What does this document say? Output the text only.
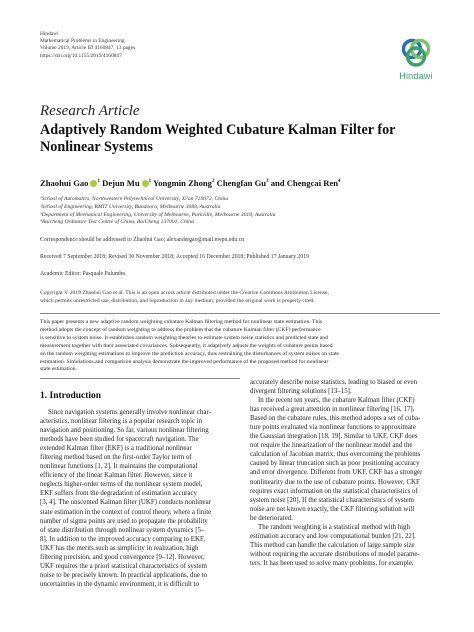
Hindawi
Mathematical Problems in Engineering
Volume 2019, Article ID 4160847, 13 pages
https://doi.org/10.1155/2019/4160847
Hindawi
Research Article
Adaptively Random Weighted Cubature Kalman Filter for
Nonlinear Systems
Zhaohui Gao $^1$ Dejun Mu $^1$ Yongmin Zhong$^2$ Chengfan Gu$^3$ and Chengcai Ren$^4$
¹School of Automatics, Northwestern Polytechnical University, Xi'an 710072, China
²School of Engineering, RMIT University, Bundoora, Melbourne 3083, Australia
³Department of Mechanical Engineering, University of Melbourne, Parkville, Melbourne 3010, Australia
⁴Baicheng Ordnance Test Centre of China, BaiCheng 137001, China
Correspondence should be addressed to Zhaohui Gao; alexandergao@mail.nwpu.edu.cn
Received 7 September 2018; Revised 30 November 2018; Accepted 16 December 2018; Published 17 January 2019
Academic Editor: Pasquale Palumbo
Copyright © 2019 Zhaohui Gao et al. This is an open access article distributed under the Creative Commons Attribution License,
which permits unrestricted use, distribution, and reproduction in any medium, provided the original work is properly cited.
This paper presents a new adaptive random weighting cubature Kalman filtering method for nonlinear state estimation. This
method adopts the concept of random weighting to address the problem that the cubature Kalman filter (CKF) performance
is sensitive to system noise. It establishes random weighting theories to estimate system noise statistics and predicted state and
measurement together with their associated covariances. Subsequently, it adaptively adjusts the weights of cubature points based
on the random weighting estimations to improve the prediction accuracy, thus restraining the disturbances of system noises on state
estimation. Simulations and comparison analysis demonstrate the improved performance of the proposed method for nonlinear
state estimation.
1. Introduction
Since navigation systems generally involve nonlinear char-
acteristics, nonlinear filtering is a popular research topic in
navigation and positioning. So far, various nonlinear filtering
methods have been studied for spacecraft navigation. The
extended Kalman filter (EKF) is a traditional nonlinear
filtering method based on the first-order Taylor term of
nonlinear functions [1, 2]. It maintains the computational
efficiency of the linear Kalman filter. However, since it
neglects higher-order terms of the nonlinear system model,
EKF suffers from the degradation of estimation accuracy
[3, 4]. The unscented Kalman filter (UKF) conducts nonlinear
state estimation in the context of control theory, where a finite
number of sigma points are used to propagate the probability
of state distribution through nonlinear system dynamics [5–
8]. In addition to the improved accuracy comparing to EKF,
UKF has the merits such as simplicity in realization, high
filtering precision, and good convergence [9–12]. However,
UKF requires the a priori statistical characteristics of system
noise to be precisely known. In practical applications, due to
uncertainties in the dynamic environment, it is difficult to
accurately describe noise statistics, leading to biased or even
divergent filtering solutions [13–15].
In the recent ten years, the cubature Kalman filter (CKF)
has received a great attention in nonlinear filtering [16, 17].
Based on the cubature rules, this method adopts a set of cuba-
ture points evaluated via nonlinear functions to approximate
the Gaussian integration [18, 19]. Similar to UKF, CKF does
not require the linearization of the nonlinear model and the
calculation of Jacobian matrix, thus overcoming the problems
caused by linear truncation such as poor positioning accuracy
and error divergence. Different from UKF, CKF has a stronger
nonlinearity due to the use of cubature points. However, CKF
requires exact information on the statistical characteristics of
system noise [20]. If the statistical characteristics of system
noise are not known exactly, the CKF filtering solution will
be deteriorated.
The random weighting is a statistical method with high
estimation accuracy and low computational burden [21, 22].
This method can handle the calculation of large sample size
without requiring the accurate distributions of model parame-
ters. It has been used to solve many problems, for example,
